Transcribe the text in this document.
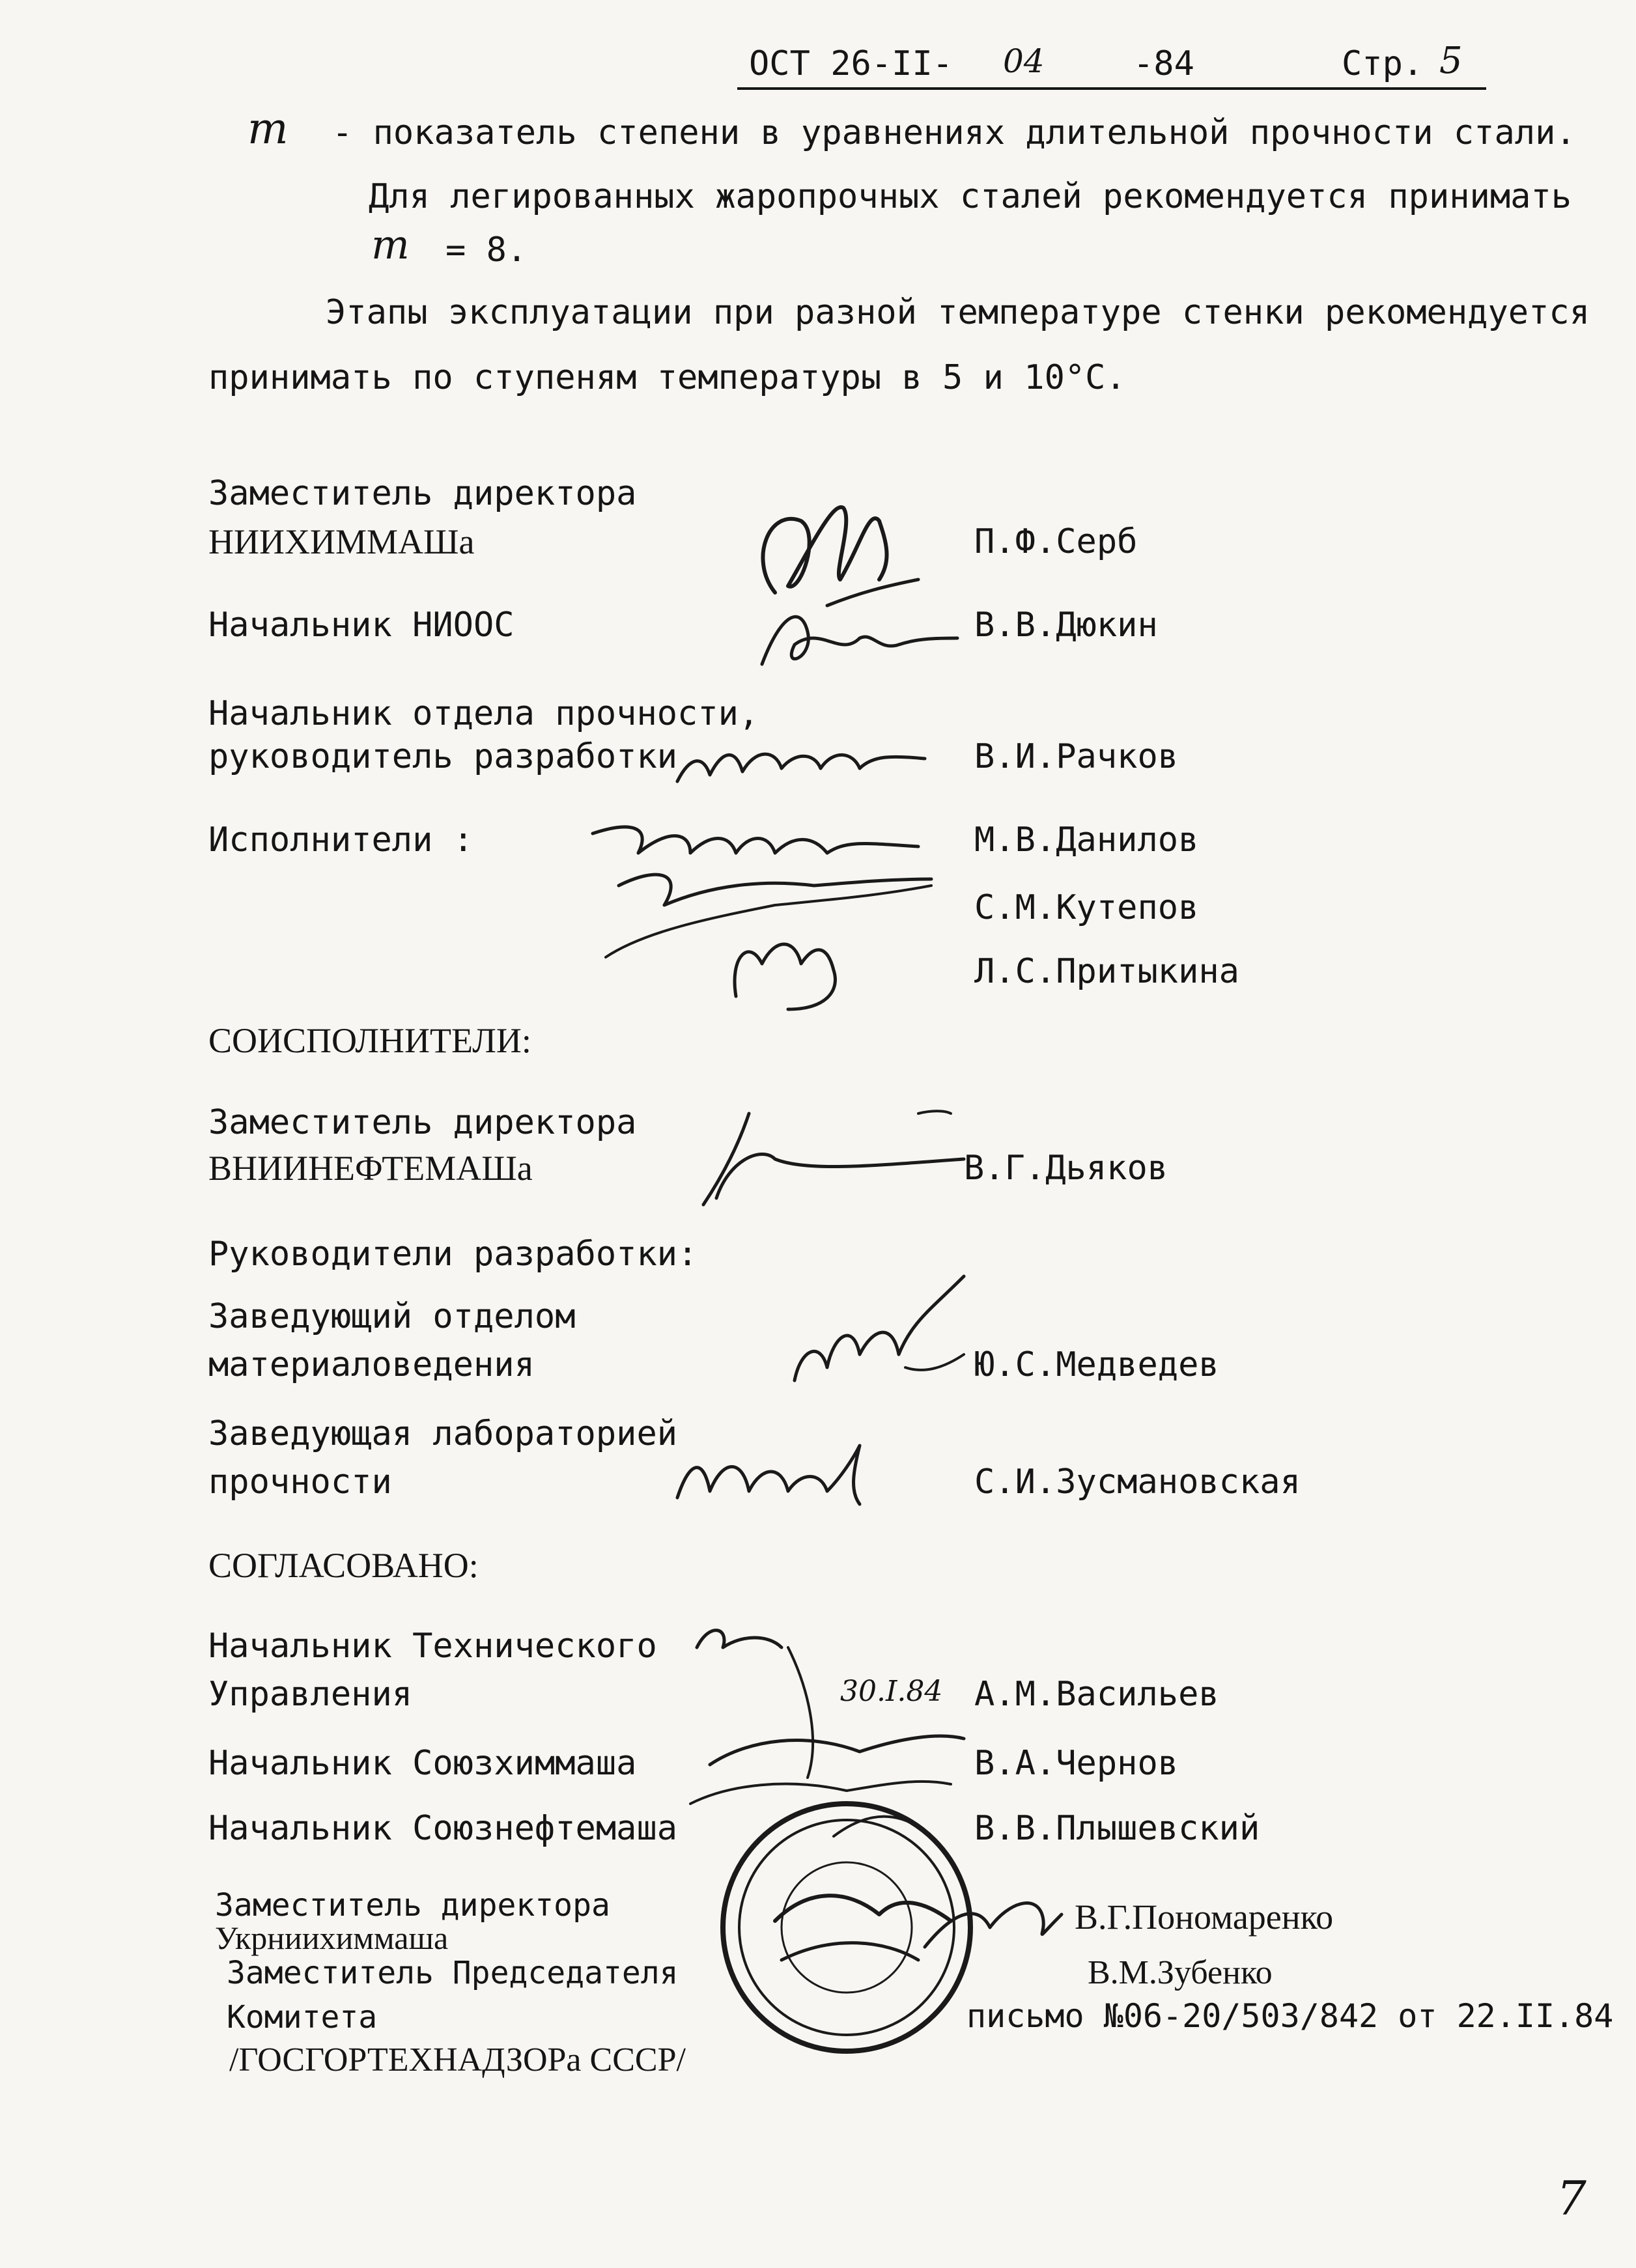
ОСТ 26-II- 04	-84	Стр. 5
m - показатель степени в уравнениях длительной прочности стали.
Для легированных жаропрочных сталей рекомендуется принимать
m = 8.
Этапы эксплуатации при разной температуре стенки рекомендуется
принимать по ступеням температуры в 5 и 10°С.
Заместитель директора
НИИХИММАШа	П.Ф.Серб
Начальник НИООС	В.В.Дюкин
Начальник отдела прочности,
руководитель разработки	В.И.Рачков
Исполнители :	М.В.Данилов
С.М.Кутепов
Л.С.Притыкина
СОИСПОЛНИТЕЛИ:
Заместитель директора
ВНИИНЕФТЕМАШа	В.Г.Дьяков
Руководители разработки:
Заведующий отделом
материаловедения	Ю.С.Медведев
Заведующая лабораторией
прочности	С.И.Зусмановская
СОГЛАСОВАНО:
Начальник Технического
Управления	30.I.84 А.М.Васильев
Начальник Союзхиммаша	В.А.Чернов
Начальник Союзнефтемаша	В.В.Плышевский
Заместитель директора
Укрниихиммаша
В.Г.Пономаренко
Заместитель Председателя	В.М.Зубенко
Комитета	письмо №06-20/503/842 от 22.II.84
/ГОСГОРТЕХНАДЗОРа СССР/
7
